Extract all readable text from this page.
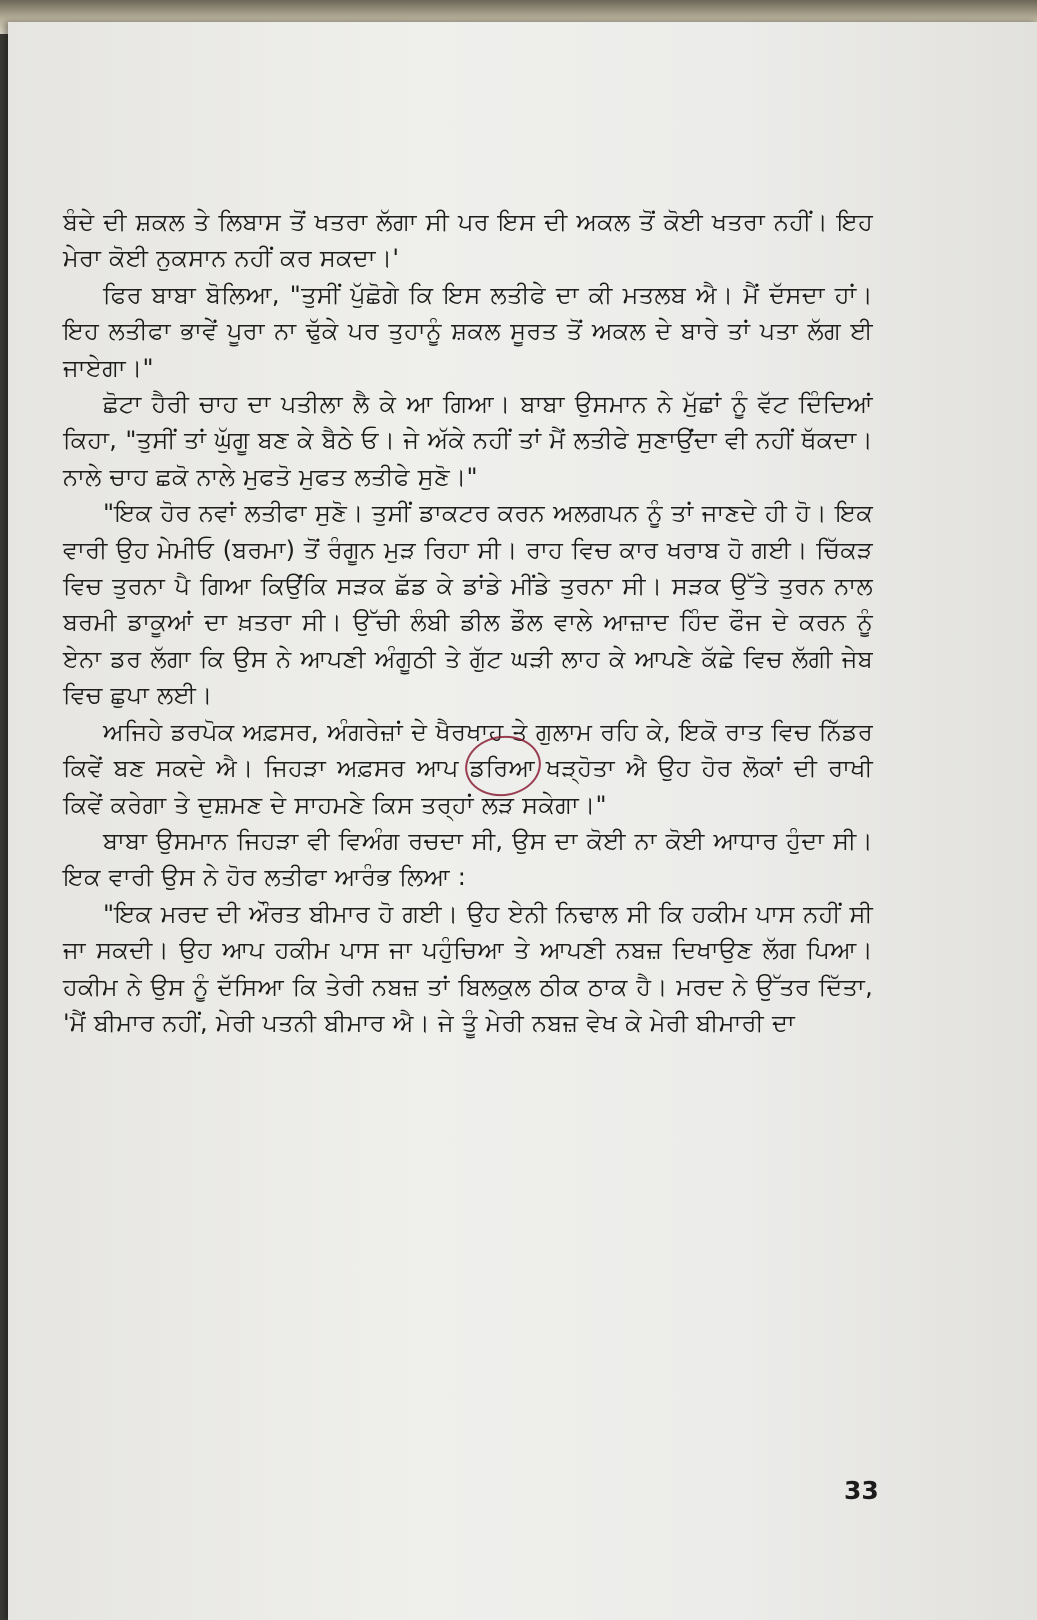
ਬੰਦੇ ਦੀ ਸ਼ਕਲ ਤੇ ਲਿਬਾਸ ਤੋਂ ਖਤਰਾ ਲੱਗਾ ਸੀ ਪਰ ਇਸ ਦੀ ਅਕਲ ਤੋਂ ਕੋਈ ਖਤਰਾ ਨਹੀਂ। ਇਹ ਮੇਰਾ ਕੋਈ ਨੁਕਸਾਨ ਨਹੀਂ ਕਰ ਸਕਦਾ।'

ਫਿਰ ਬਾਬਾ ਬੋਲਿਆ, "ਤੁਸੀਂ ਪੁੱਛੋਗੇ ਕਿ ਇਸ ਲਤੀਫੇ ਦਾ ਕੀ ਮਤਲਬ ਐ। ਮੈਂ ਦੱਸਦਾ ਹਾਂ। ਇਹ ਲਤੀਫਾ ਭਾਵੇਂ ਪੂਰਾ ਨਾ ਢੁੱਕੇ ਪਰ ਤੁਹਾਨੂੰ ਸ਼ਕਲ ਸੂਰਤ ਤੋਂ ਅਕਲ ਦੇ ਬਾਰੇ ਤਾਂ ਪਤਾ ਲੱਗ ਈ ਜਾਏਗਾ।"

ਛੋਟਾ ਹੈਰੀ ਚਾਹ ਦਾ ਪਤੀਲਾ ਲੈ ਕੇ ਆ ਗਿਆ। ਬਾਬਾ ਉਸਮਾਨ ਨੇ ਮੁੱਛਾਂ ਨੂੰ ਵੱਟ ਦਿੰਦਿਆਂ ਕਿਹਾ, "ਤੁਸੀਂ ਤਾਂ ਘੁੱਗੂ ਬਣ ਕੇ ਬੈਠੇ ਓ। ਜੇ ਅੱਕੇ ਨਹੀਂ ਤਾਂ ਮੈਂ ਲਤੀਫੇ ਸੁਣਾਉਂਦਾ ਵੀ ਨਹੀਂ ਥੱਕਦਾ। ਨਾਲੇ ਚਾਹ ਛਕੋ ਨਾਲੇ ਮੁਫਤੋ ਮੁਫਤ ਲਤੀਫੇ ਸੁਣੋ।"

"ਇਕ ਹੋਰ ਨਵਾਂ ਲਤੀਫਾ ਸੁਣੋ। ਤੁਸੀਂ ਡਾਕਟਰ ਕਰਨ ਅਲਗਪਨ ਨੂੰ ਤਾਂ ਜਾਣਦੇ ਹੀ ਹੋ। ਇਕ ਵਾਰੀ ਉਹ ਮੇਮੀਓ (ਬਰਮਾ) ਤੋਂ ਰੰਗੂਨ ਮੁੜ ਰਿਹਾ ਸੀ। ਰਾਹ ਵਿਚ ਕਾਰ ਖਰਾਬ ਹੋ ਗਈ। ਚਿੱਕੜ ਵਿਚ ਤੁਰਨਾ ਪੈ ਗਿਆ ਕਿਉਂਕਿ ਸੜਕ ਛੱਡ ਕੇ ਡਾਂਡੇ ਮੀਂਡੇ ਤੁਰਨਾ ਸੀ। ਸੜਕ ਉੱਤੇ ਤੁਰਨ ਨਾਲ ਬਰਮੀ ਡਾਕੂਆਂ ਦਾ ਖ਼ਤਰਾ ਸੀ। ਉੱਚੀ ਲੰਬੀ ਡੀਲ ਡੌਲ ਵਾਲੇ ਆਜ਼ਾਦ ਹਿੰਦ ਫੌਜ ਦੇ ਕਰਨ ਨੂੰ ਏਨਾ ਡਰ ਲੱਗਾ ਕਿ ਉਸ ਨੇ ਆਪਣੀ ਅੰਗੂਠੀ ਤੇ ਗੁੱਟ ਘੜੀ ਲਾਹ ਕੇ ਆਪਣੇ ਕੱਛੇ ਵਿਚ ਲੱਗੀ ਜੇਬ ਵਿਚ ਛੁਪਾ ਲਈ।

ਅਜਿਹੇ ਡਰਪੋਕ ਅਫ਼ਸਰ, ਅੰਗਰੇਜ਼ਾਂ ਦੇ ਖੈਰਖਾਹ ਤੇ ਗੁਲਾਮ ਰਹਿ ਕੇ, ਇਕੋ ਰਾਤ ਵਿਚ ਨਿੱਡਰ ਕਿਵੇਂ ਬਣ ਸਕਦੇ ਐ। ਜਿਹੜਾ ਅਫ਼ਸਰ ਆਪ ਡਰਿਆ ਖੜ੍ਹੋਤਾ ਐ ਉਹ ਹੋਰ ਲੋਕਾਂ ਦੀ ਰਾਖੀ ਕਿਵੇਂ ਕਰੇਗਾ ਤੇ ਦੁਸ਼ਮਣ ਦੇ ਸਾਹਮਣੇ ਕਿਸ ਤਰ੍ਹਾਂ ਲੜ ਸਕੇਗਾ।"

ਬਾਬਾ ਉਸਮਾਨ ਜਿਹੜਾ ਵੀ ਵਿਅੰਗ ਰਚਦਾ ਸੀ, ਉਸ ਦਾ ਕੋਈ ਨਾ ਕੋਈ ਆਧਾਰ ਹੁੰਦਾ ਸੀ। ਇਕ ਵਾਰੀ ਉਸ ਨੇ ਹੋਰ ਲਤੀਫਾ ਆਰੰਭ ਲਿਆ :

"ਇਕ ਮਰਦ ਦੀ ਔਰਤ ਬੀਮਾਰ ਹੋ ਗਈ। ਉਹ ਏਨੀ ਨਿਢਾਲ ਸੀ ਕਿ ਹਕੀਮ ਪਾਸ ਨਹੀਂ ਸੀ ਜਾ ਸਕਦੀ। ਉਹ ਆਪ ਹਕੀਮ ਪਾਸ ਜਾ ਪਹੁੰਚਿਆ ਤੇ ਆਪਣੀ ਨਬਜ਼ ਦਿਖਾਉਣ ਲੱਗ ਪਿਆ। ਹਕੀਮ ਨੇ ਉਸ ਨੂੰ ਦੱਸਿਆ ਕਿ ਤੇਰੀ ਨਬਜ਼ ਤਾਂ ਬਿਲਕੁਲ ਠੀਕ ਠਾਕ ਹੈ। ਮਰਦ ਨੇ ਉੱਤਰ ਦਿੱਤਾ, 'ਮੈਂ ਬੀਮਾਰ ਨਹੀਂ, ਮੇਰੀ ਪਤਨੀ ਬੀਮਾਰ ਐ। ਜੇ ਤੂੰ ਮੇਰੀ ਨਬਜ਼ ਵੇਖ ਕੇ ਮੇਰੀ ਬੀਮਾਰੀ ਦਾ

33
